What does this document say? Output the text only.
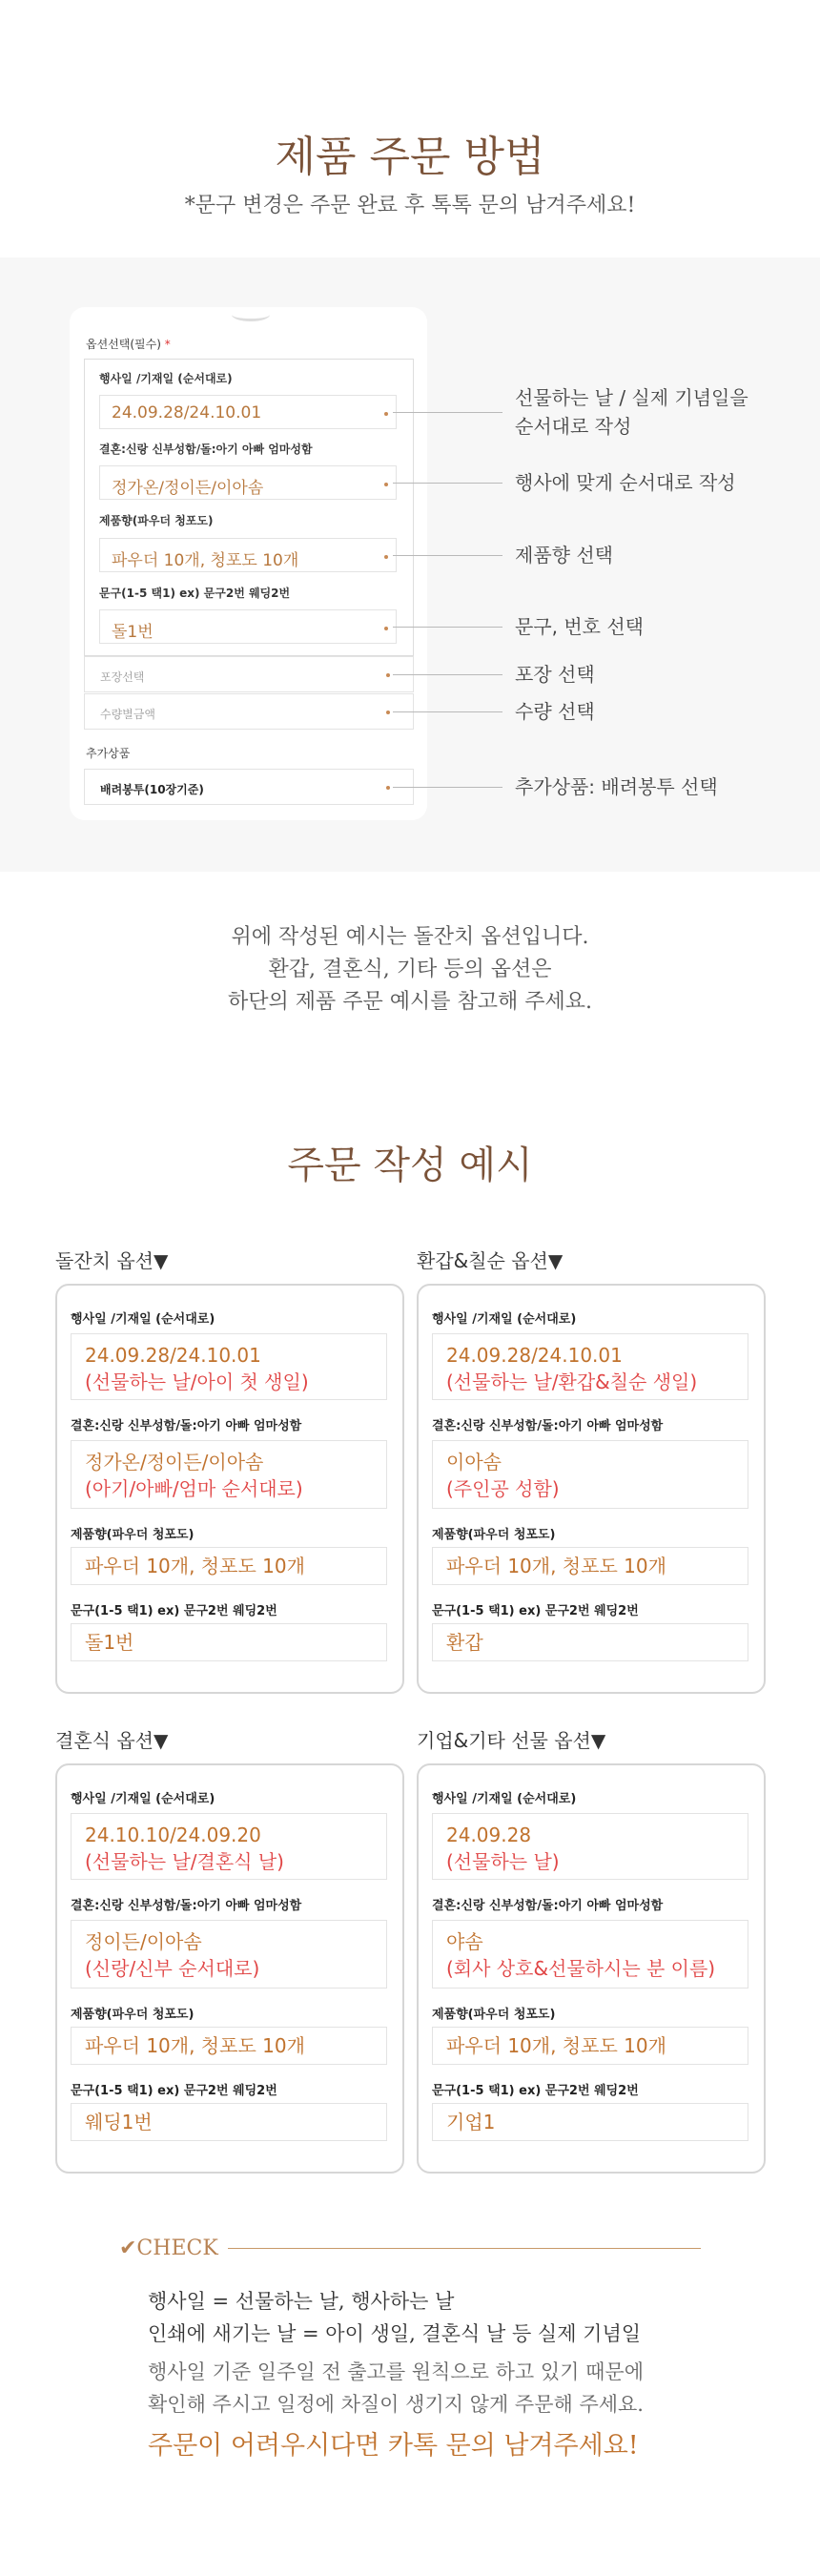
제품 주문 방법
*문구 변경은 주문 완료 후 톡톡 문의 남겨주세요!
옵션선택(필수) *
행사일 /기재일 (순서대로)
24.09.28/24.10.01
결혼:신랑 신부성함/돌:아기 아빠 엄마성함
정가온/정이든/이아솜
제품향(파우더 청포도)
파우더 10개, 청포도 10개
문구(1-5 택1) ex) 문구2번 웨딩2번
돌1번
포장선택
수량별금액
추가상품
배려봉투(10장기준)
선물하는 날 / 실제 기념일을
순서대로 작성
행사에 맞게 순서대로 작성
제품향 선택
문구, 번호 선택
포장 선택
수량 선택
추가상품: 배려봉투 선택
위에 작성된 예시는 돌잔치 옵션입니다.
환갑, 결혼식, 기타 등의 옵션은
하단의 제품 주문 예시를 참고해 주세요.
주문 작성 예시
돌잔치 옵션▼
행사일 /기재일 (순서대로)
24.09.28/24.10.01
(선물하는 날/아이 첫 생일)
결혼:신랑 신부성함/돌:아기 아빠 엄마성함
정가온/정이든/이아솜
(아기/아빠/엄마 순서대로)
제품향(파우더 청포도)
파우더 10개, 청포도 10개
문구(1-5 택1) ex) 문구2번 웨딩2번
돌1번
환갑&칠순 옵션▼
행사일 /기재일 (순서대로)
24.09.28/24.10.01
(선물하는 날/환갑&칠순 생일)
결혼:신랑 신부성함/돌:아기 아빠 엄마성함
이아솜
(주인공 성함)
제품향(파우더 청포도)
파우더 10개, 청포도 10개
문구(1-5 택1) ex) 문구2번 웨딩2번
환갑
결혼식 옵션▼
행사일 /기재일 (순서대로)
24.10.10/24.09.20
(선물하는 날/결혼식 날)
결혼:신랑 신부성함/돌:아기 아빠 엄마성함
정이든/이아솜
(신랑/신부 순서대로)
제품향(파우더 청포도)
파우더 10개, 청포도 10개
문구(1-5 택1) ex) 문구2번 웨딩2번
웨딩1번
기업&기타 선물 옵션▼
행사일 /기재일 (순서대로)
24.09.28
(선물하는 날)
결혼:신랑 신부성함/돌:아기 아빠 엄마성함
야솜
(회사 상호&선물하시는 분 이름)
제품향(파우더 청포도)
파우더 10개, 청포도 10개
문구(1-5 택1) ex) 문구2번 웨딩2번
기업1
✔CHECK
행사일 = 선물하는 날, 행사하는 날
인쇄에 새기는 날 = 아이 생일, 결혼식 날 등 실제 기념일
행사일 기준 일주일 전 출고를 원칙으로 하고 있기 때문에
확인해 주시고 일정에 차질이 생기지 않게 주문해 주세요.
주문이 어려우시다면 카톡 문의 남겨주세요!
